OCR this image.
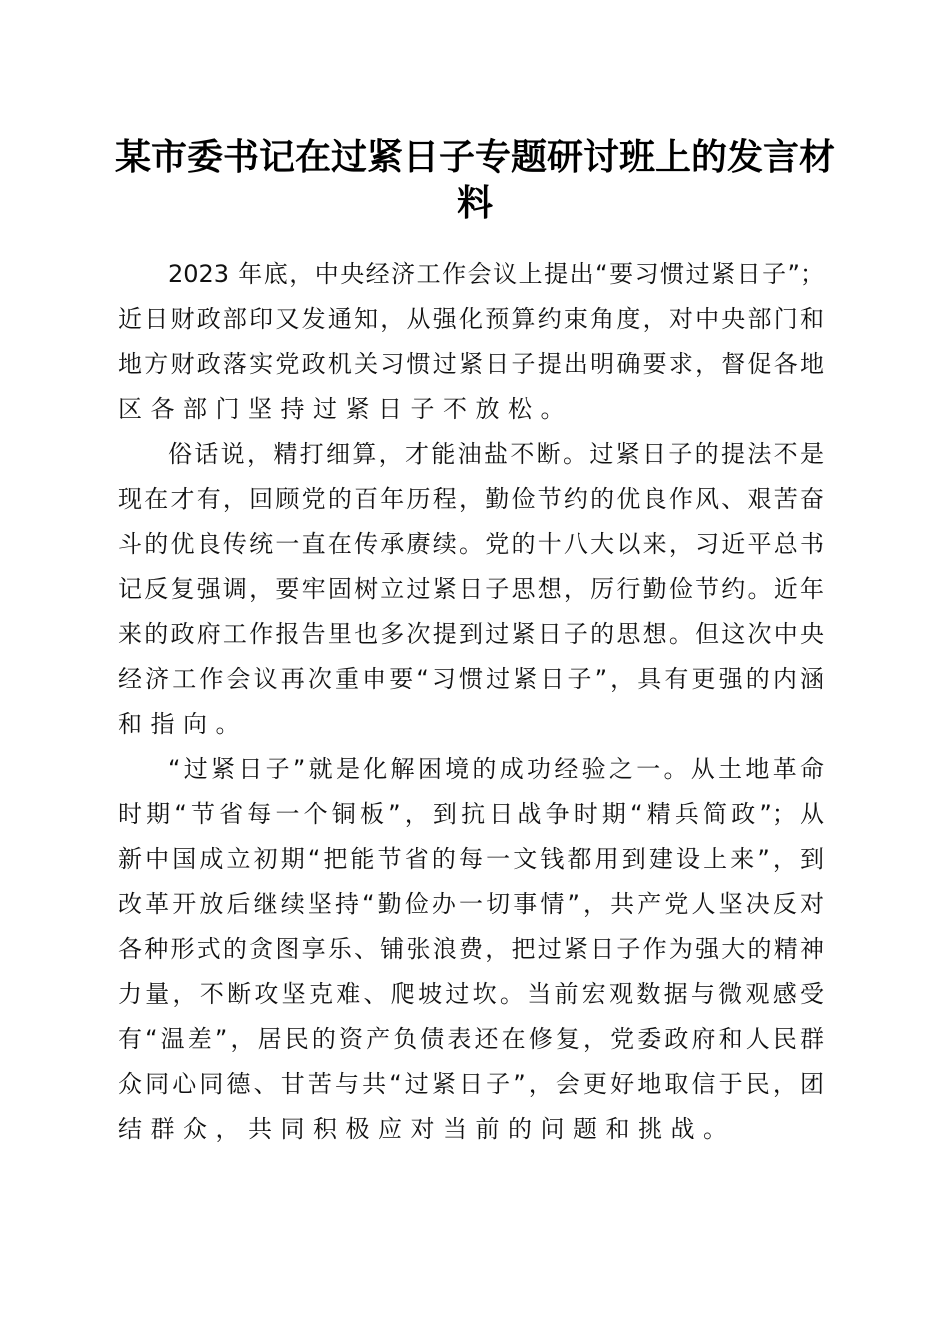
某市委书记在过紧日子专题研讨班上的发言材
料
2023 年底，中央经济工作会议上提出“要习惯过紧日子”；
近日财政部印又发通知，从强化预算约束角度，对中央部门和
地方财政落实党政机关习惯过紧日子提出明确要求，督促各地
区各部门坚持过紧日子不放松。
俗话说，精打细算，才能油盐不断。过紧日子的提法不是
现在才有，回顾党的百年历程，勤俭节约的优良作风、艰苦奋
斗的优良传统一直在传承赓续。党的十八大以来，习近平总书
记反复强调，要牢固树立过紧日子思想，厉行勤俭节约。近年
来的政府工作报告里也多次提到过紧日子的思想。但这次中央
经济工作会议再次重申要“习惯过紧日子”，具有更强的内涵
和指向。
“过紧日子”就是化解困境的成功经验之一。从土地革命
时期“节省每一个铜板”，到抗日战争时期“精兵简政”；从
新中国成立初期“把能节省的每一文钱都用到建设上来”，到
改革开放后继续坚持“勤俭办一切事情”，共产党人坚决反对
各种形式的贪图享乐、铺张浪费，把过紧日子作为强大的精神
力量，不断攻坚克难、爬坡过坎。当前宏观数据与微观感受
有“温差”，居民的资产负债表还在修复，党委政府和人民群
众同心同德、甘苦与共“过紧日子”，会更好地取信于民，团
结群众，共同积极应对当前的问题和挑战。
